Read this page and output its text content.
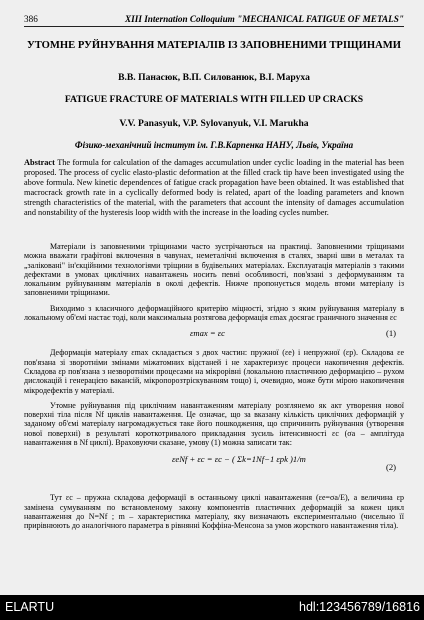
386	XIII Internation Colloquium "MECHANICAL FATIGUE OF METALS"
УТОМНЕ РУЙНУВАННЯ МАТЕРІАЛІВ ІЗ ЗАПОВНЕНИМИ ТРІЩИНАМИ
В.В. Панасюк, В.П. Силованюк, В.І. Маруха
FATIGUE FRACTURE OF MATERIALS WITH FILLED UP CRACKS
V.V. Panasyuk, V.P. Sylovanyuk, V.I. Marukha
Фізико-механічний інститут ім. Г.В.Карпенка НАНУ, Львів, Україна
Abstract The formula for calculation of the damages accumulation under cyclic loading in the material has been proposed. The process of cyclic elasto-plastic deformation at the filled crack tip have been investigated using the above formula. New kinetic dependences of fatigue crack propagation have been obtained. It was established that macrocrack growth rate in a cyclically deformed body is related, apart of the loading parameters and known strength characteristics of the material, with the parameters that account the intensity of damages accumulation and nonstability of the hysteresis loop width with the increase in the loading cycles number.

Матеріали із заповненими тріщинами часто зустрічаються на практиці. Заповненими тріщинами можна вважати графітові включення в чавунах, неметалічні включення в сталях, зварні шви в металах та „залікованi" ін'єкційними технологіями тріщини в будівельних матеріалах. Експлуатація матеріалів з такими дефектами в умовах циклічних навантажень носить певні особливості, пов'язані з деформуванням та локальним руйнуванням матеріалів в околі дефектів. Нижче пропонується модель втоми матеріалу із заповненими тріщинами.

Виходимо з класичного деформаційного критерію міцності, згідно з яким руйнування матеріалу в локальному об'ємі настає тоді, коли максимальна розтягова деформація εmax досягає граничного значення εc

εmax = εc	(1)

Деформація матеріалу εmax складається з двох частин: пружної (εe) і непружної (εp). Складова εe пов'язана зі зворотніми змінами міжатомних відстаней і не характеризує процеси накопичення дефектів. Складова εp пов'язана з незворотніми процесами на мікрорівні (локальною пластичною деформацією – рухом дислокацій і генерацією вакансій, мікропорозтріскуванням тощо) і, очевидно, може бути мірою накопичення мікродефектів у матеріалі.

Утомне руйнування під циклічним навантаженням матеріалу розглянемо як акт утворення нової поверхні тіла після Nf циклів навантаження. Це означає, що за вказану кількість циклічних деформацій у заданому об'ємі матеріалу нагромаджується таке його пошкодження, що спричинить руйнування (утворення нової поверхні) в результаті короткотривалого прикладання зусиль інтенсивності εc (σa – амплітуда навантаження в Nf циклі). Враховуючи сказане, умову (1) можна записати так:

εeNf + εc = εc − ( Σk=1Nf−1 εpk )1/m
(2)

Тут εc – пружна складова деформації в останньому циклі навантаження (εe=σa/E), а величина εp замінена сумуванням по встановленому закону компонентів пластичних деформацій за кожен цикл навантаження до N=Nf ; m – характеристика матеріалу, яку визначають експериментально (чисельно її прирівнюють до аналогічного параметра в рівнянні Коффіна-Менсона за умов жорсткого навантаження тіла).

ELARTU	hdl:123456789/16816
